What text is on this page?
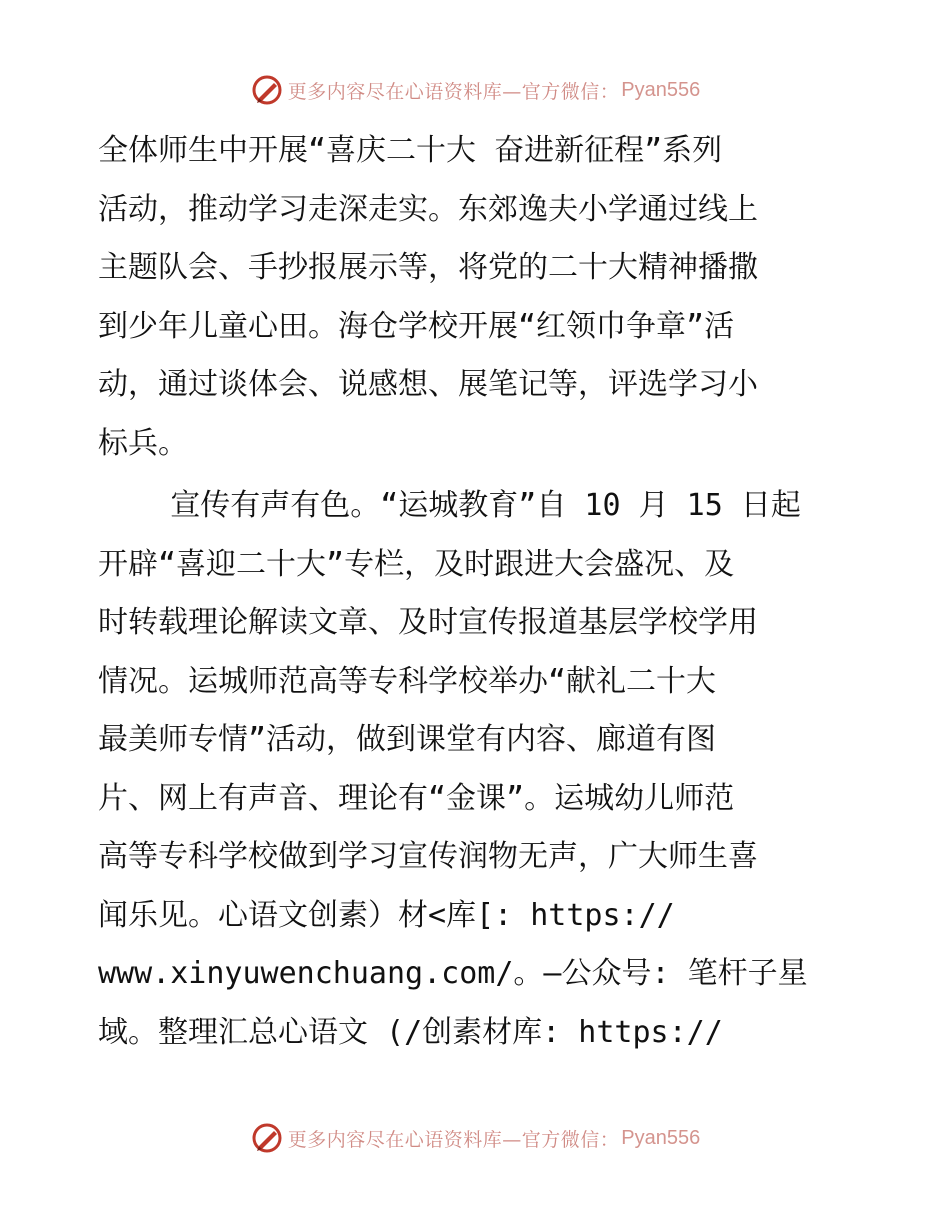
更多内容尽在心语资料库—官方微信： Pyan556
全体师生中开展“喜庆二十大 奋进新征程”系列
活动，推动学习走深走实。东郊逸夫小学通过线上
主题队会、手抄报展示等，将党的二十大精神播撒
到少年儿童心田。海仓学校开展“红领巾争章”活
动，通过谈体会、说感想、展笔记等，评选学习小
标兵。
宣传有声有色。“运城教育”自 10 月 15 日起
开辟“喜迎二十大”专栏，及时跟进大会盛况、及
时转载理论解读文章、及时宣传报道基层学校学用
情况。运城师范高等专科学校举办“献礼二十大
最美师专情”活动，做到课堂有内容、廊道有图
片、网上有声音、理论有“金课”。运城幼儿师范
高等专科学校做到学习宣传润物无声，广大师生喜
闻乐见。心语文创素）材<库[: https://
www.xinyuwenchuang.com/。—公众号: 笔杆子星
域。整理汇总心语文 (/创素材库: https://
更多内容尽在心语资料库—官方微信： Pyan556
